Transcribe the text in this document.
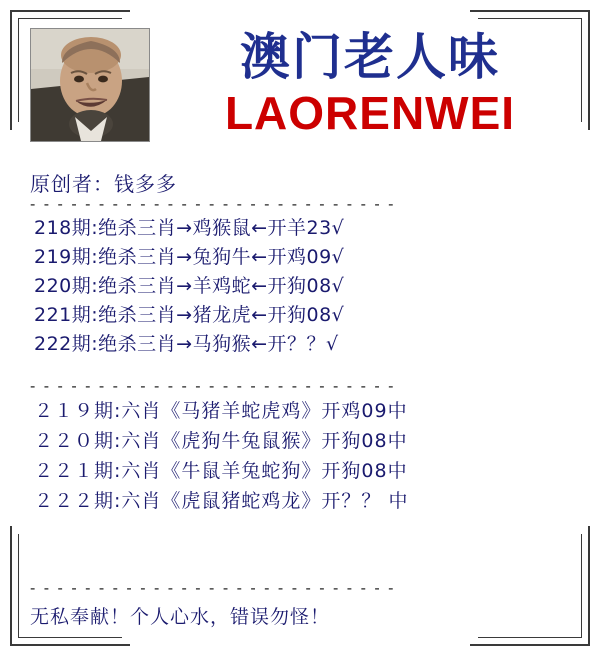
澳门老人味
LAORENWEI
原创者：钱多多
- - - - - - - - - - - - - - - - - - - - - - - - - - -
218期:绝杀三肖→鸡猴鼠←开羊23√
219期:绝杀三肖→兔狗牛←开鸡09√
220期:绝杀三肖→羊鸡蛇←开狗08√
221期:绝杀三肖→猪龙虎←开狗08√
222期:绝杀三肖→马狗猴←开？？√
- - - - - - - - - - - - - - - - - - - - - - - - - - -
２１９期:六肖《马猪羊蛇虎鸡》开鸡09中
２２０期:六肖《虎狗牛兔鼠猴》开狗08中
２２１期:六肖《牛鼠羊兔蛇狗》开狗08中
２２２期:六肖《虎鼠猪蛇鸡龙》开？？ 中
- - - - - - - - - - - - - - - - - - - - - - - - - - -
无私奉献！个人心水，错误勿怪！
